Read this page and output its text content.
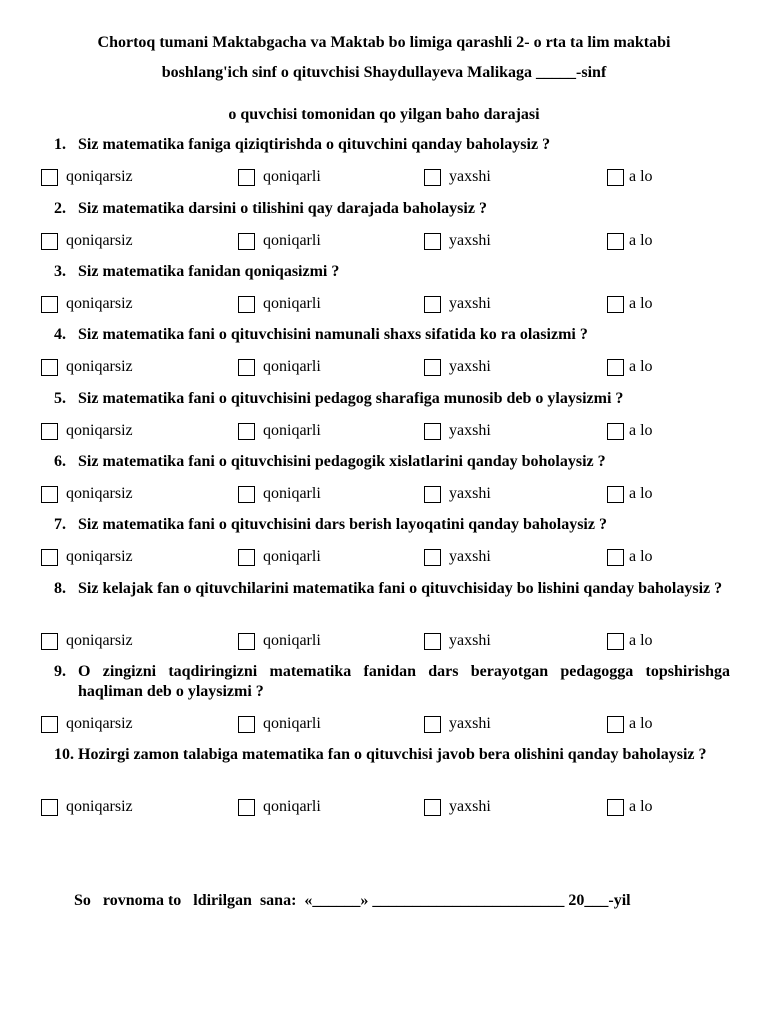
Chortoq tumani Maktabgacha va Maktab bo limiga qarashli 2- o rta ta lim maktabi
boshlang'ich sinf o qituvchisi Shaydullayeva Malikaga _____-sinf
o quvchisi tomonidan qo yilgan baho darajasi
1. Siz matematika faniga qiziqtirishda o qituvchini qanday baholaysiz ?
qoniqarsiz	qoniqarli	yaxshi	a lo
2. Siz matematika darsini o tilishini qay darajada baholaysiz ?
qoniqarsiz	qoniqarli	yaxshi	a lo
3. Siz matematika fanidan qoniqasizmi ?
qoniqarsiz	qoniqarli	yaxshi	a lo
4. Siz matematika fani o qituvchisini namunali shaxs sifatida ko ra olasizmi ?
qoniqarsiz	qoniqarli	yaxshi	a lo
5. Siz matematika fani o qituvchisini pedagog sharafiga munosib deb o ylaysizmi ?
qoniqarsiz	qoniqarli	yaxshi	a lo
6. Siz matematika fani o qituvchisini pedagogik xislatlarini qanday boholaysiz ?
qoniqarsiz	qoniqarli	yaxshi	a lo
7. Siz matematika fani o qituvchisini dars berish layoqatini qanday baholaysiz ?
qoniqarsiz	qoniqarli	yaxshi	a lo
8. Siz kelajak fan o qituvchilarini matematika fani o qituvchisiday bo lishini qanday baholaysiz ?
qoniqarsiz	qoniqarli	yaxshi	a lo
9. O zingizni taqdiringizni matematika fanidan dars berayotgan pedagogga topshirishga haqliman deb o ylaysizmi ?
qoniqarsiz	qoniqarli	yaxshi	a lo
10. Hozirgi zamon talabiga matematika fan o qituvchisi javob bera olishini qanday baholaysiz ?
qoniqarsiz	qoniqarli	yaxshi	a lo
So   rovnoma to   ldirilgan  sana:  «______» ________________________ 20___-yil
